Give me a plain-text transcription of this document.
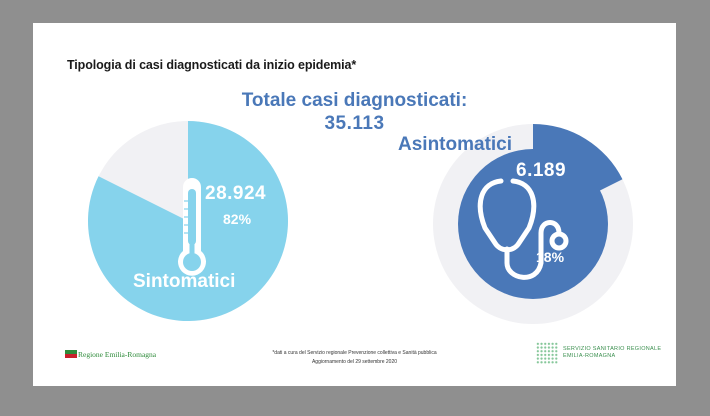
Tipologia di casi diagnosticati da inizio epidemia*
Totale casi diagnosticati:
35.113
38° 28.924
82%
Sintomatici
Asintomatici
6.189
18%
Regione Emilia-Romagna	*dati a cura del Servizio regionale Prevenzione collettiva e Sanità pubblica
Aggiornamento del 29 settembre 2020
SERVIZIO SANITARIO REGIONALE
EMILIA-ROMAGNA
